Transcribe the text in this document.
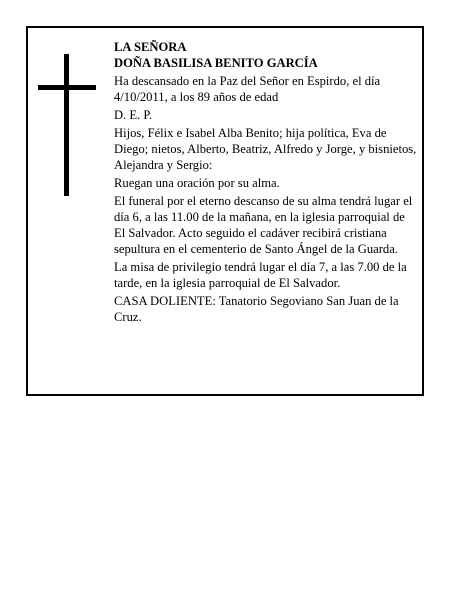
LA SEÑORA

DOÑA BASILISA BENITO GARCÍA

Ha descansado en la Paz del Señor en Espirdo, el día 4/10/2011, a los 89 años de edad

D. E. P.

Hijos, Félix e Isabel Alba Benito; hija política, Eva de Diego; nietos, Alberto, Beatriz, Alfredo y Jorge, y bisnietos, Alejandra y Sergio:

Ruegan una oración por su alma.

El funeral por el eterno descanso de su alma tendrá lugar el día 6, a las 11.00 de la mañana, en la iglesia parroquial de El Salvador. Acto seguido el cadáver recibirá cristiana sepultura en el cementerio de Santo Ángel de la Guarda.

La misa de privilegio tendrá lugar el día 7, a las 7.00 de la tarde, en la iglesia parroquial de El Salvador.

CASA DOLIENTE: Tanatorio Segoviano San Juan de la Cruz.
